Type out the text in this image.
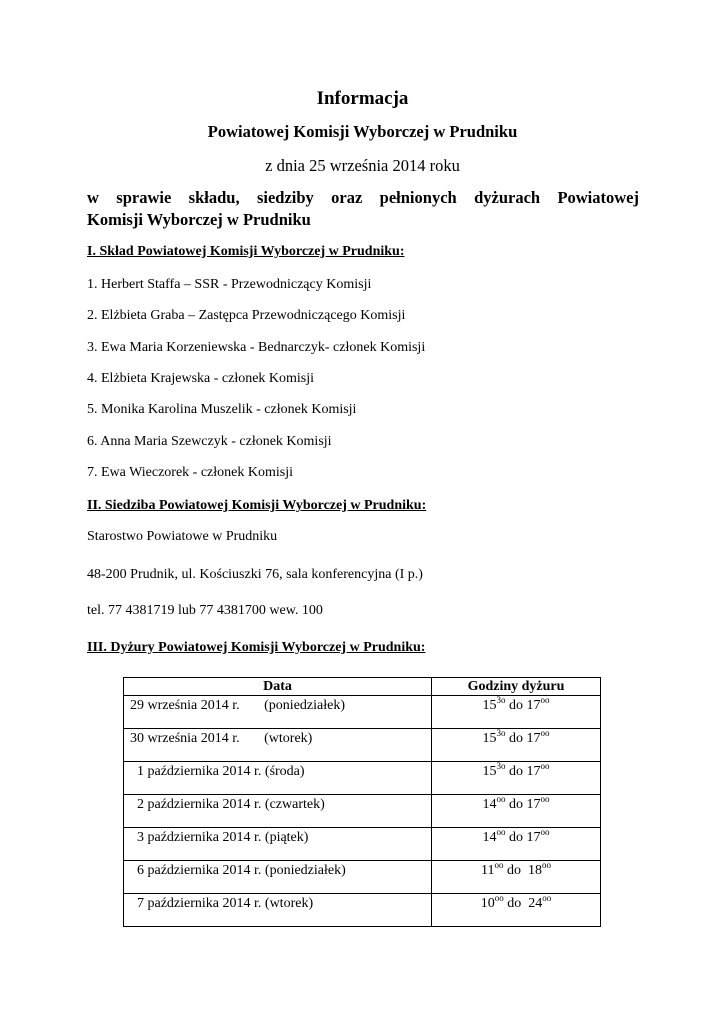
Informacja
Powiatowej Komisji Wyborczej w Prudniku
z dnia 25 września 2014 roku
w sprawie składu, siedziby oraz pełnionych dyżurach Powiatowej
Komisji Wyborczej w Prudniku
I. Skład Powiatowej Komisji Wyborczej w Prudniku:
1. Herbert Staffa – SSR - Przewodniczący Komisji
2. Elżbieta Graba – Zastępca Przewodniczącego Komisji
3. Ewa Maria Korzeniewska - Bednarczyk- członek Komisji
4. Elżbieta Krajewska - członek Komisji
5. Monika Karolina Muszelik - członek Komisji
6. Anna Maria Szewczyk - członek Komisji
7. Ewa Wieczorek - członek Komisji
II. Siedziba Powiatowej Komisji Wyborczej w Prudniku:
Starostwo Powiatowe w Prudniku
48-200 Prudnik, ul. Kościuszki 76, sala konferencyjna (I p.)
tel. 77 4381719 lub 77 4381700 wew. 100
III. Dyżury Powiatowej Komisji Wyborczej w Prudniku:
Data	Godziny dyżuru
29 września 2014 r.       (poniedziałek)	$15^{3o}$ do $17^{oo}$
30 września 2014 r.       (wtorek)	$15^{3o}$ do $17^{oo}$
1 października 2014 r. (środa)	$15^{3o}$ do $17^{oo}$
2 października 2014 r. (czwartek)	$14^{oo}$ do $17^{oo}$
3 października 2014 r. (piątek)	$14^{oo}$ do $17^{oo}$
6 października 2014 r. (poniedziałek)	$11^{oo}$ do  $18^{oo}$
7 października 2014 r. (wtorek)	$10^{oo}$ do  $24^{oo}$
